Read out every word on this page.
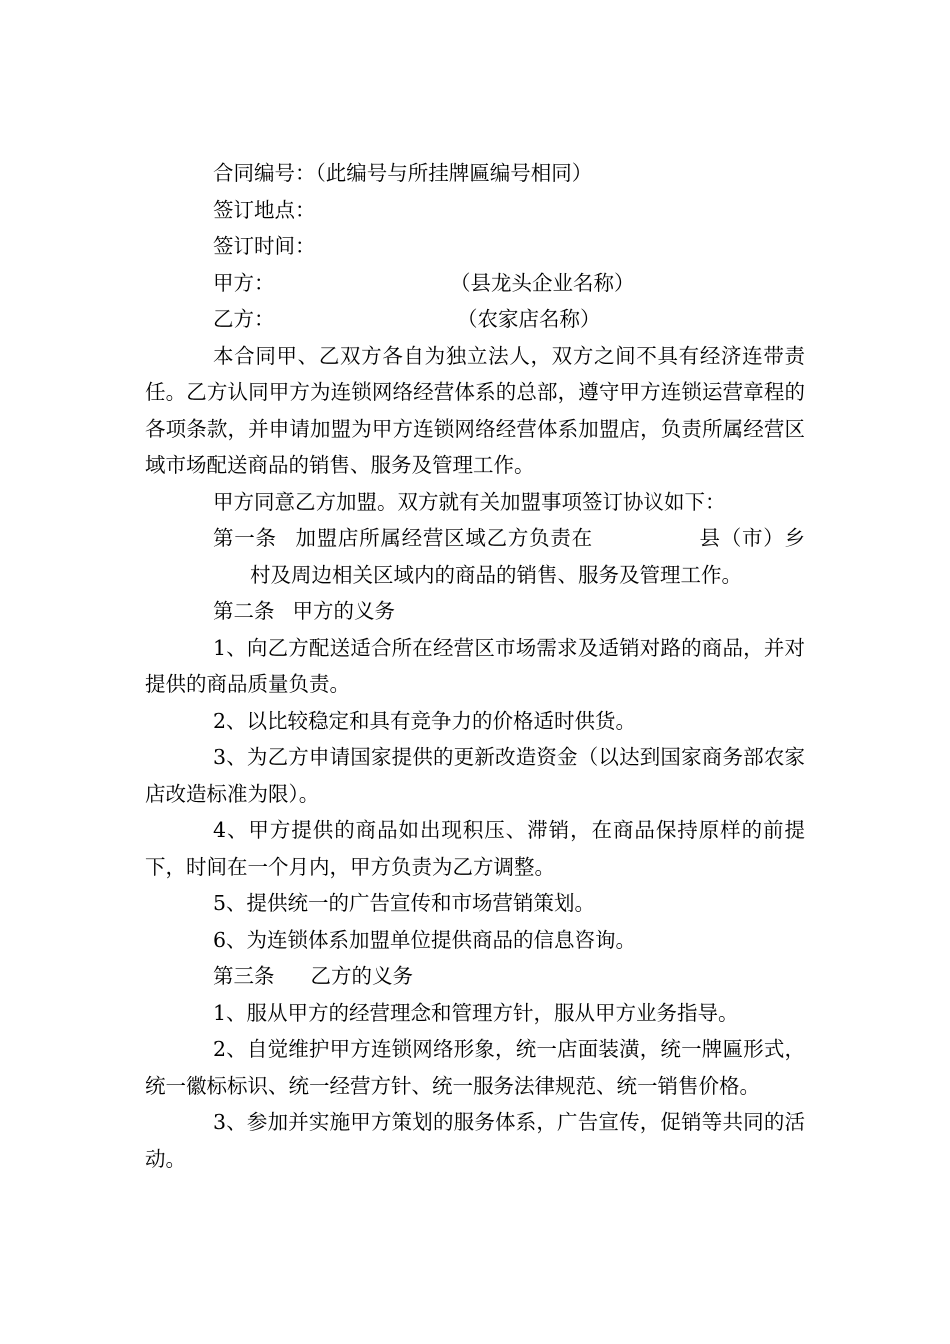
合同编号：（此编号与所挂牌匾编号相同）

签订地点：

签订时间：

甲方：	（县龙头企业名称）

乙方：	（农家店名称）

本合同甲、乙双方各自为独立法人，双方之间不具有经济连带责任。乙方认同甲方为连锁网络经营体系的总部，遵守甲方连锁运营章程的各项条款，并申请加盟为甲方连锁网络经营体系加盟店，负责所属经营区域市场配送商品的销售、服务及管理工作。

甲方同意乙方加盟。双方就有关加盟事项签订协议如下：

第一条 加盟店所属经营区域乙方负责在	县（市）乡村及周边相关区域内的商品的销售、服务及管理工作。

第二条 甲方的义务

1、向乙方配送适合所在经营区市场需求及适销对路的商品，并对提供的商品质量负责。

2、以比较稳定和具有竞争力的价格适时供货。

3、为乙方申请国家提供的更新改造资金（以达到国家商务部农家店改造标准为限）。

4、甲方提供的商品如出现积压、滞销，在商品保持原样的前提下，时间在一个月内，甲方负责为乙方调整。

5、提供统一的广告宣传和市场营销策划。

6、为连锁体系加盟单位提供商品的信息咨询。

第三条 乙方的义务

1、服从甲方的经营理念和管理方针，服从甲方业务指导。

2、自觉维护甲方连锁网络形象，统一店面装潢，统一牌匾形式，统一徽标标识、统一经营方针、统一服务法律规范、统一销售价格。

3、参加并实施甲方策划的服务体系，广告宣传，促销等共同的活动。
